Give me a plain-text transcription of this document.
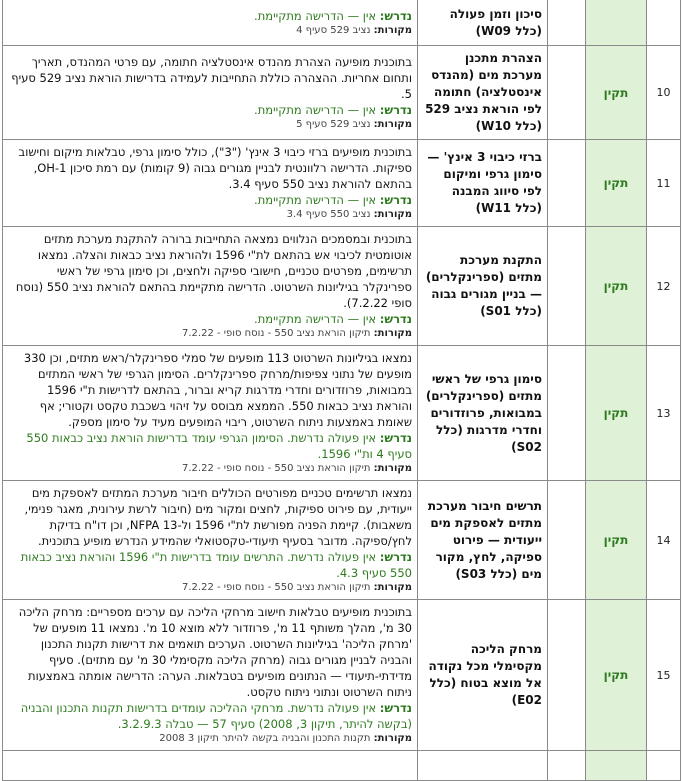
			סיכון וזמן פעולה (כלל W09)	נדרש: אין — הדרישה מתקיימת.
מקורות: נציב 529 סעיף 4

10	תקין		הצהרת מתכנן מערכת מים (מהנדס אינסטלציה) חתומה לפי הוראת נציב 529 (כלל W10)	בתוכנית מופיעה הצהרת מהנדס אינסטלציה חתומה, עם פרטי המהנדס, תאריך ותחום אחריות. ההצהרה כוללת התחייבות לעמידה בדרישות הוראת נציב 529 סעיף 5.
נדרש: אין — הדרישה מתקיימת.
מקורות: נציב 529 סעיף 5

11	תקין		ברזי כיבוי 3 אינץ' — סימון גרפי ומיקום לפי סיווג המבנה (כלל W11)	בתוכנית מופיעים ברזי כיבוי 3 אינץ' ("3"), כולל סימון גרפי, טבלאות מיקום וחישוב ספיקות. הדרישה רלוונטית לבניין מגורים גבוה (9 קומות) עם רמת סיכון OH-1, בהתאם להוראת נציב 550 סעיף 3.4.
נדרש: אין — הדרישה מתקיימת.
מקורות: נציב 550 סעיף 3.4

12	תקין		התקנת מערכת מתזים (ספרינקלרים) — בניין מגורים גבוה (כלל S01)	בתוכנית ובמסמכים הנלווים נמצאה התחייבות ברורה להתקנת מערכת מתזים אוטומטית לכיבוי אש בהתאם לת"י 1596 ולהוראת נציב כבאות והצלה. נמצאו תרשימים, מפרטים טכניים, חישובי ספיקה ולחצים, וכן סימון גרפי של ראשי ספרינקלר בגיליונות השרטוט. הדרישה מתקיימת בהתאם להוראת נציב 550 (נוסח סופי 7.2.22).
נדרש: אין — הדרישה מתקיימת.
מקורות: תיקון הוראת נציב 550 - נוסח סופי - 7.2.22

13	תקין		סימון גרפי של ראשי מתזים (ספרינקלרים) במבואות, פרוזדורים וחדרי מדרגות (כלל S02)	נמצאו בגיליונות השרטוט 113 מופעים של סמלי ספרינקלר/ראש מתזים, וכן 330 מופעים של נתוני צפיפות/מרחק ספרינקלרים. הסימון הגרפי של ראשי המתזים במבואות, פרוזדורים וחדרי מדרגות קריא וברור, בהתאם לדרישות ת"י 1596 והוראת נציב כבאות 550. הממצא מבוסס על זיהוי בשכבת טקסט וקטורי; אף שאומת באמצעות ניתוח השרטוט, ריבוי המופעים מעיד על סימון מספק.
נדרש: אין פעולה נדרשת. הסימון הגרפי עומד בדרישות הוראת נציב כבאות 550 סעיף 4 ות"י 1596.
מקורות: תיקון הוראת נציב 550 - נוסח סופי - 7.2.22

14	תקין		תרשים חיבור מערכת מתזים לאספקת מים ייעודית — פירוט ספיקה, לחץ, מקור מים (כלל S03)	נמצאו תרשימים טכניים מפורטים הכוללים חיבור מערכת המתזים לאספקת מים ייעודית, עם פירוט ספיקות, לחצים ומקור מים (חיבור לרשת עירונית, מאגר פנימי, משאבות). קיימת הפניה מפורשת לת"י 1596 ול-NFPA 13, וכן דו"ח בדיקת לחץ/ספיקה. מדובר בסעיף תיעודי-טקסטואלי שהמידע הנדרש מופיע בתוכנית.
נדרש: אין פעולה נדרשת. התרשים עומד בדרישות ת"י 1596 והוראת נציב כבאות 550 סעיף 4.3.
מקורות: תיקון הוראת נציב 550 - נוסח סופי - 7.2.22

15	תקין		מרחק הליכה מקסימלי מכל נקודה אל מוצא בטוח (כלל E02)	בתוכנית מופיעים טבלאות חישוב מרחקי הליכה עם ערכים מספריים: מרחק הליכה 30 מ', מהלך משותף 11 מ', פרוזדור ללא מוצא 10 מ'. נמצאו 11 מופעים של 'מרחק הליכה' בגיליונות השרטוט. הערכים תואמים את דרישות תקנות התכנון והבניה לבניין מגורים גבוה (מרחק הליכה מקסימלי 30 מ' עם מתזים). סעיף מדידתי-תיעודי — הנתונים מופיעים בטבלאות. הערה: הדרישה אומתה באמצעות ניתוח השרטוט ונתוני ניתוח טקסט.
נדרש: אין פעולה נדרשת. מרחקי ההליכה עומדים בדרישות תקנות התכנון והבניה (בקשה להיתר, תיקון 3, 2008) סעיף 57 — טבלה 3.2.9.3.
מקורות: תקנות התכנון והבניה בקשה להיתר תיקון 3 2008
